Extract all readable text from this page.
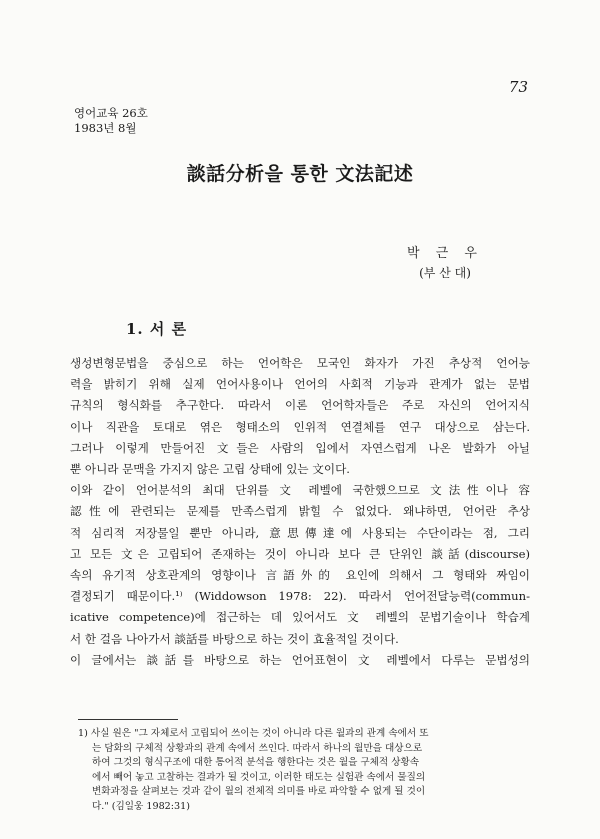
73
영어교육 26호
1983년 8월
談話分析을 통한 文法記述
박 근 우
(부 산 대)
1. 서 론
생성변형문법을 중심으로 하는 언어학은 모국인 화자가 가진 추상적 언어능
력을 밝히기 위해 실제 언어사용이나 언어의 사회적 기능과 관계가 없는 문법
규칙의 형식화를 추구한다. 따라서 이론 언어학자들은 주로 자신의 언어지식
이나 직관을 토대로 엮은 형태소의 인위적 연결체를 연구 대상으로 삼는다.
그러나 이렇게 만들어진 文들은 사람의 입에서 자연스럽게 나온 발화가 아닐
뿐 아니라 문맥을 가지지 않은 고립 상태에 있는 文이다.
이와 같이 언어분석의 최대 단위를 文 레벨에 국한했으므로 文法性이나 容
認性에 관련되는 문제를 만족스럽게 밝힐 수 없었다. 왜냐하면, 언어란 추상
적 심리적 저장물일 뿐만 아니라, 意思傳達에 사용되는 수단이라는 점, 그리
고 모든 文은 고립되어 존재하는 것이 아니라 보다 큰 단위인 談話(discourse)
속의 유기적 상호관계의 영향이나 言語外的 요인에 의해서 그 형태와 짜임이
결정되기 때문이다.¹⁾ (Widdowson 1978: 22). 따라서 언어전달능력(commun-
icative competence)에 접근하는 데 있어서도 文 레벨의 문법기술이나 학습계
서 한 걸음 나아가서 談話를 바탕으로 하는 것이 효율적일 것이다.
이 글에서는 談話를 바탕으로 하는 언어표현이 文 레벨에서 다루는 문법성의
1) 사실 원은 "그 자체로서 고립되어 쓰이는 것이 아니라 다른 월과의 관계 속에서 또
는 담화의 구체적 상황과의 관계 속에서 쓰인다. 따라서 하나의 월만을 대상으로
하여 그것의 형식구조에 대한 통어적 분석을 행한다는 것은 월을 구체적 상황속
에서 빼어 놓고 고찰하는 결과가 될 것이고, 이러한 태도는 실험관 속에서 물질의
변화과정을 살펴보는 것과 같이 월의 전체적 의미를 바로 파악할 수 없게 될 것이
다." (김일웅 1982:31)
